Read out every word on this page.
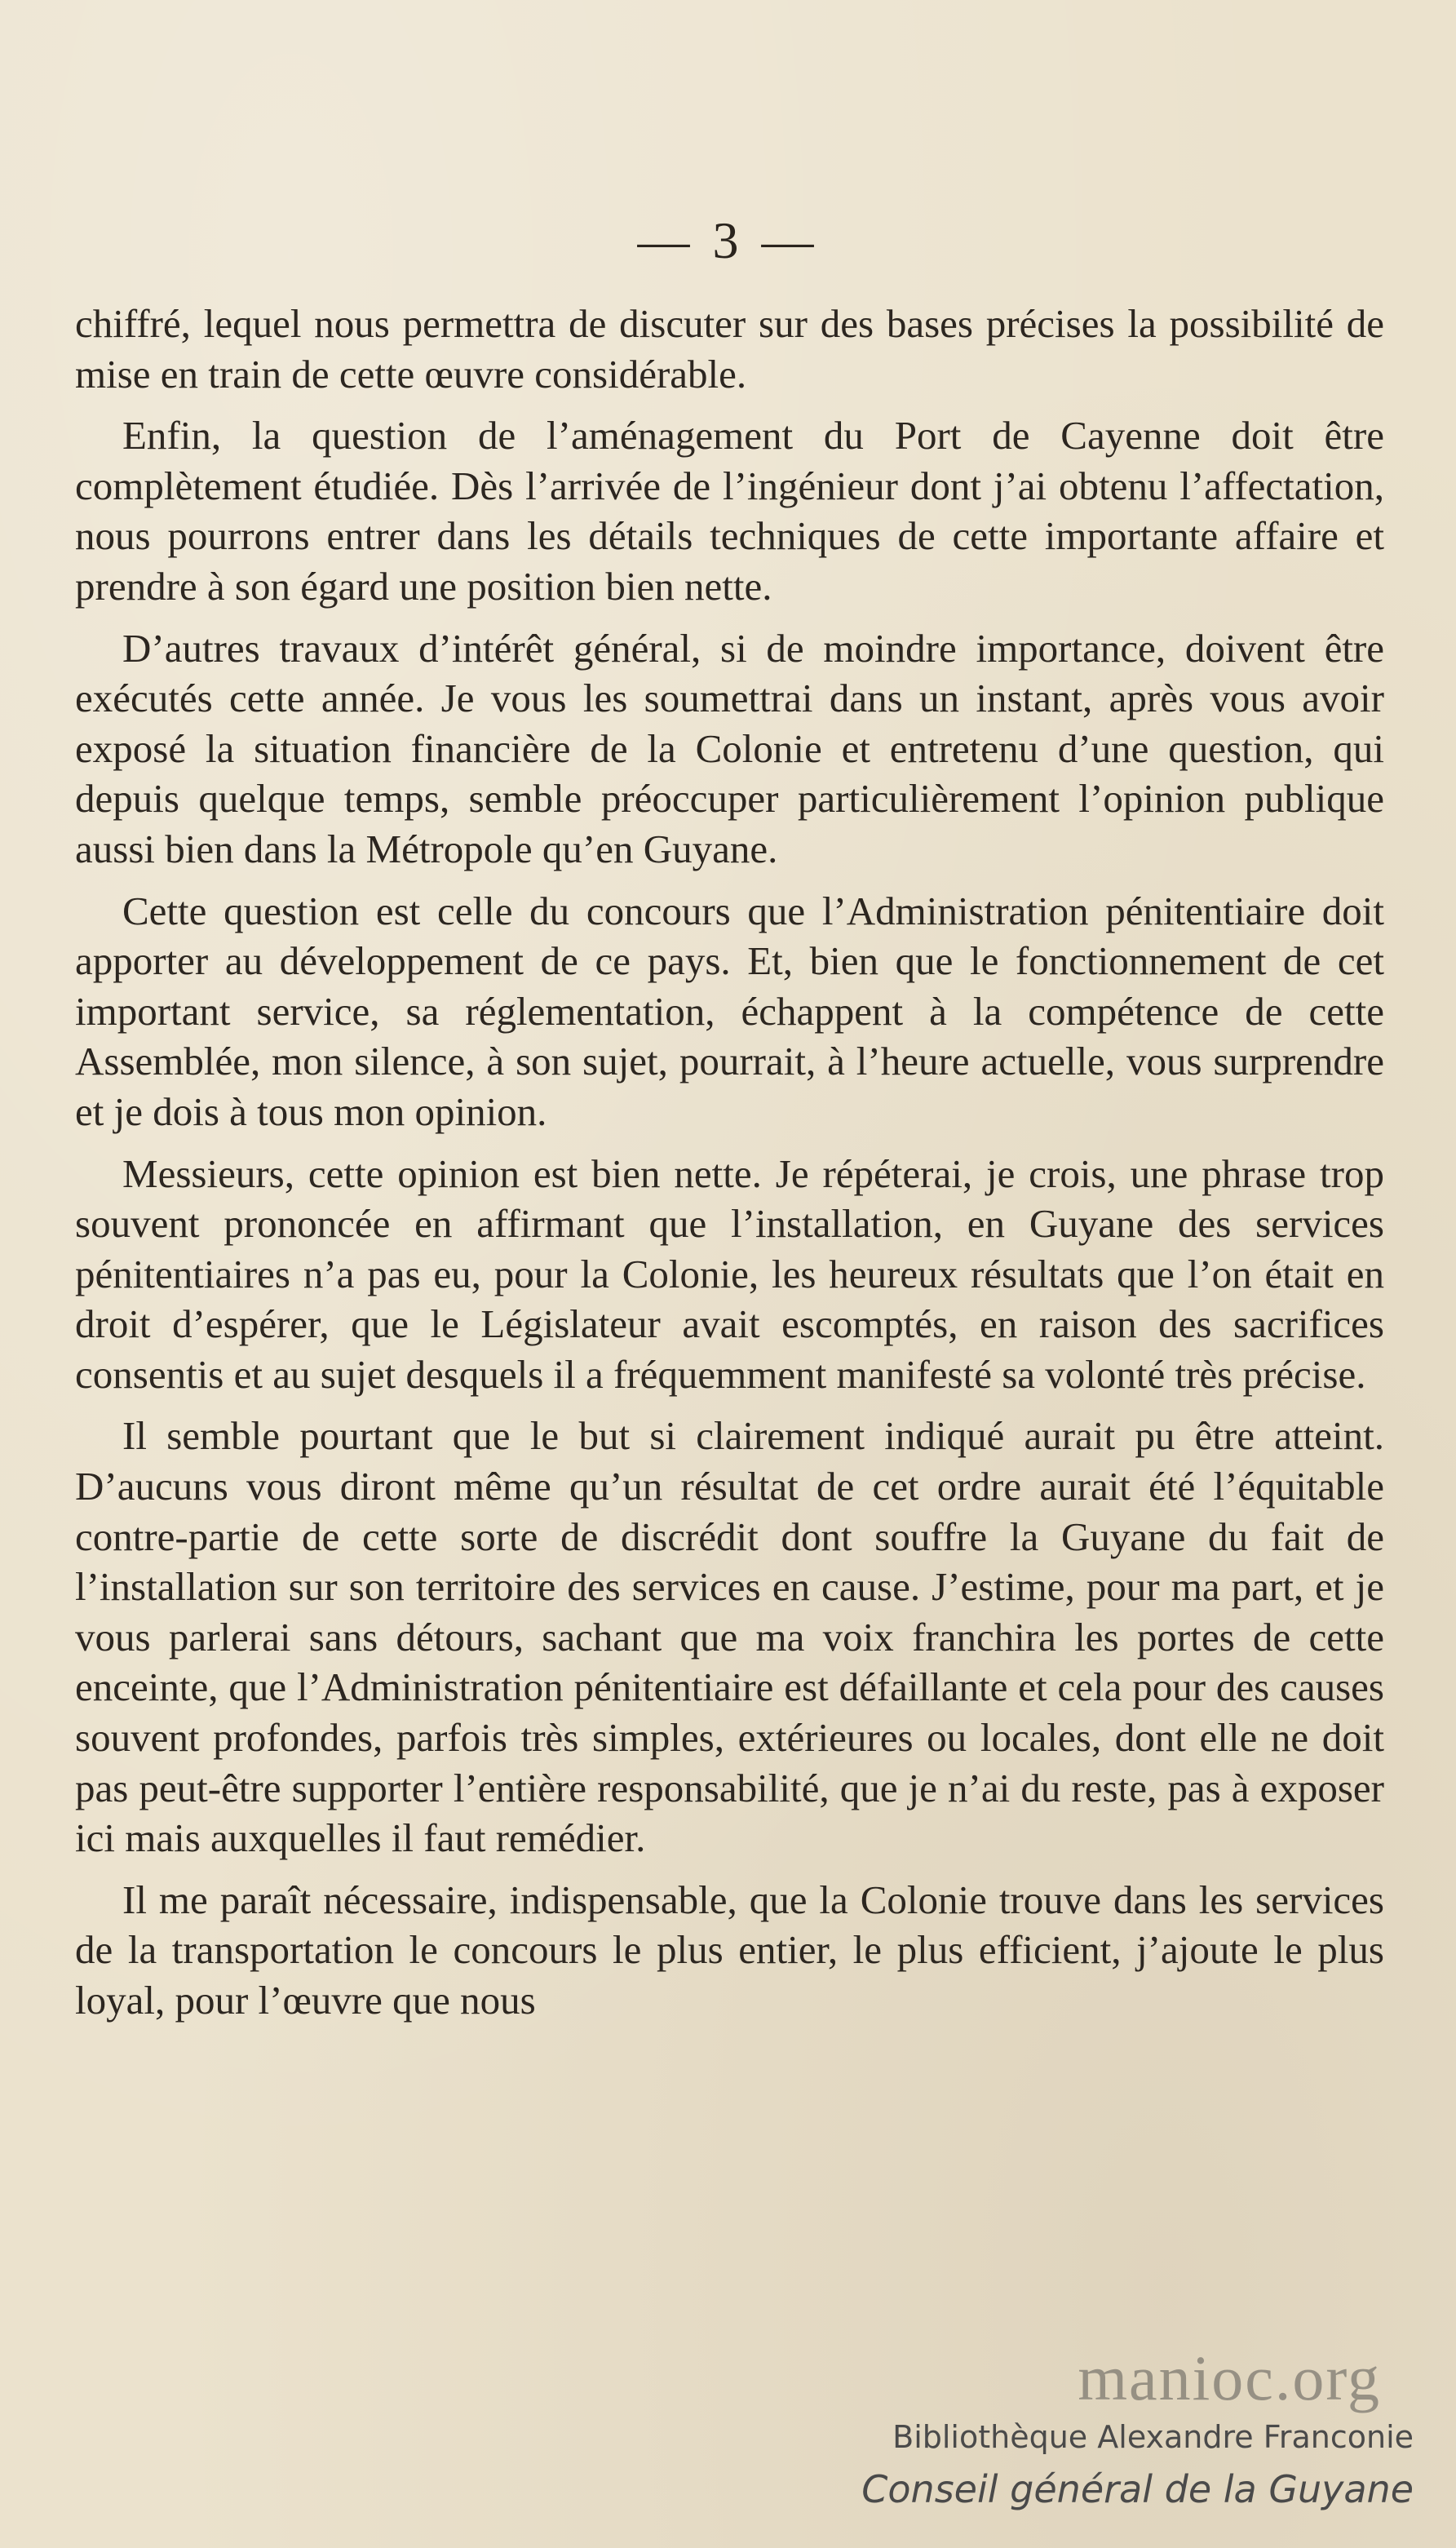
— 3 —

chiffré, lequel nous permettra de discuter sur des bases précises la possibilité de mise en train de cette œuvre considérable.

Enfin, la question de l’aménagement du Port de Cayenne doit être complètement étudiée. Dès l’arrivée de l’ingénieur dont j’ai obtenu l’affectation, nous pourrons entrer dans les détails techniques de cette importante affaire et prendre à son égard une position bien nette.

D’autres travaux d’intérêt général, si de moindre importance, doivent être exécutés cette année. Je vous les soumettrai dans un instant, après vous avoir exposé la situation financière de la Colonie et entretenu d’une question, qui depuis quelque temps, semble préoccuper particulièrement l’opinion publique aussi bien dans la Métropole qu’en Guyane.

Cette question est celle du concours que l’Administration pénitentiaire doit apporter au développement de ce pays. Et, bien que le fonctionnement de cet important service, sa réglementation, échappent à la compétence de cette Assemblée, mon silence, à son sujet, pourrait, à l’heure actuelle, vous surprendre et je dois à tous mon opinion.

Messieurs, cette opinion est bien nette. Je répéterai, je crois, une phrase trop souvent prononcée en affirmant que l’installation, en Guyane des services pénitentiaires n’a pas eu, pour la Colonie, les heureux résultats que l’on était en droit d’espérer, que le Législateur avait escomptés, en raison des sacrifices consentis et au sujet desquels il a fréquemment manifesté sa volonté très précise.

Il semble pourtant que le but si clairement indiqué aurait pu être atteint. D’aucuns vous diront même qu’un résultat de cet ordre aurait été l’équitable contre-partie de cette sorte de discrédit dont souffre la Guyane du fait de l’installation sur son territoire des services en cause. J’estime, pour ma part, et je vous parlerai sans détours, sachant que ma voix franchira les portes de cette enceinte, que l’Administration pénitentiaire est défaillante et cela pour des causes souvent profondes, parfois très simples, extérieures ou locales, dont elle ne doit pas peut-être supporter l’entière responsabilité, que je n’ai du reste, pas à exposer ici mais auxquelles il faut remédier.

Il me paraît nécessaire, indispensable, que la Colonie trouve dans les services de la transportation le concours le plus entier, le plus efficient, j’ajoute le plus loyal, pour l’œuvre que nous

manioc.org
Bibliothèque Alexandre Franconie
Conseil général de la Guyane
